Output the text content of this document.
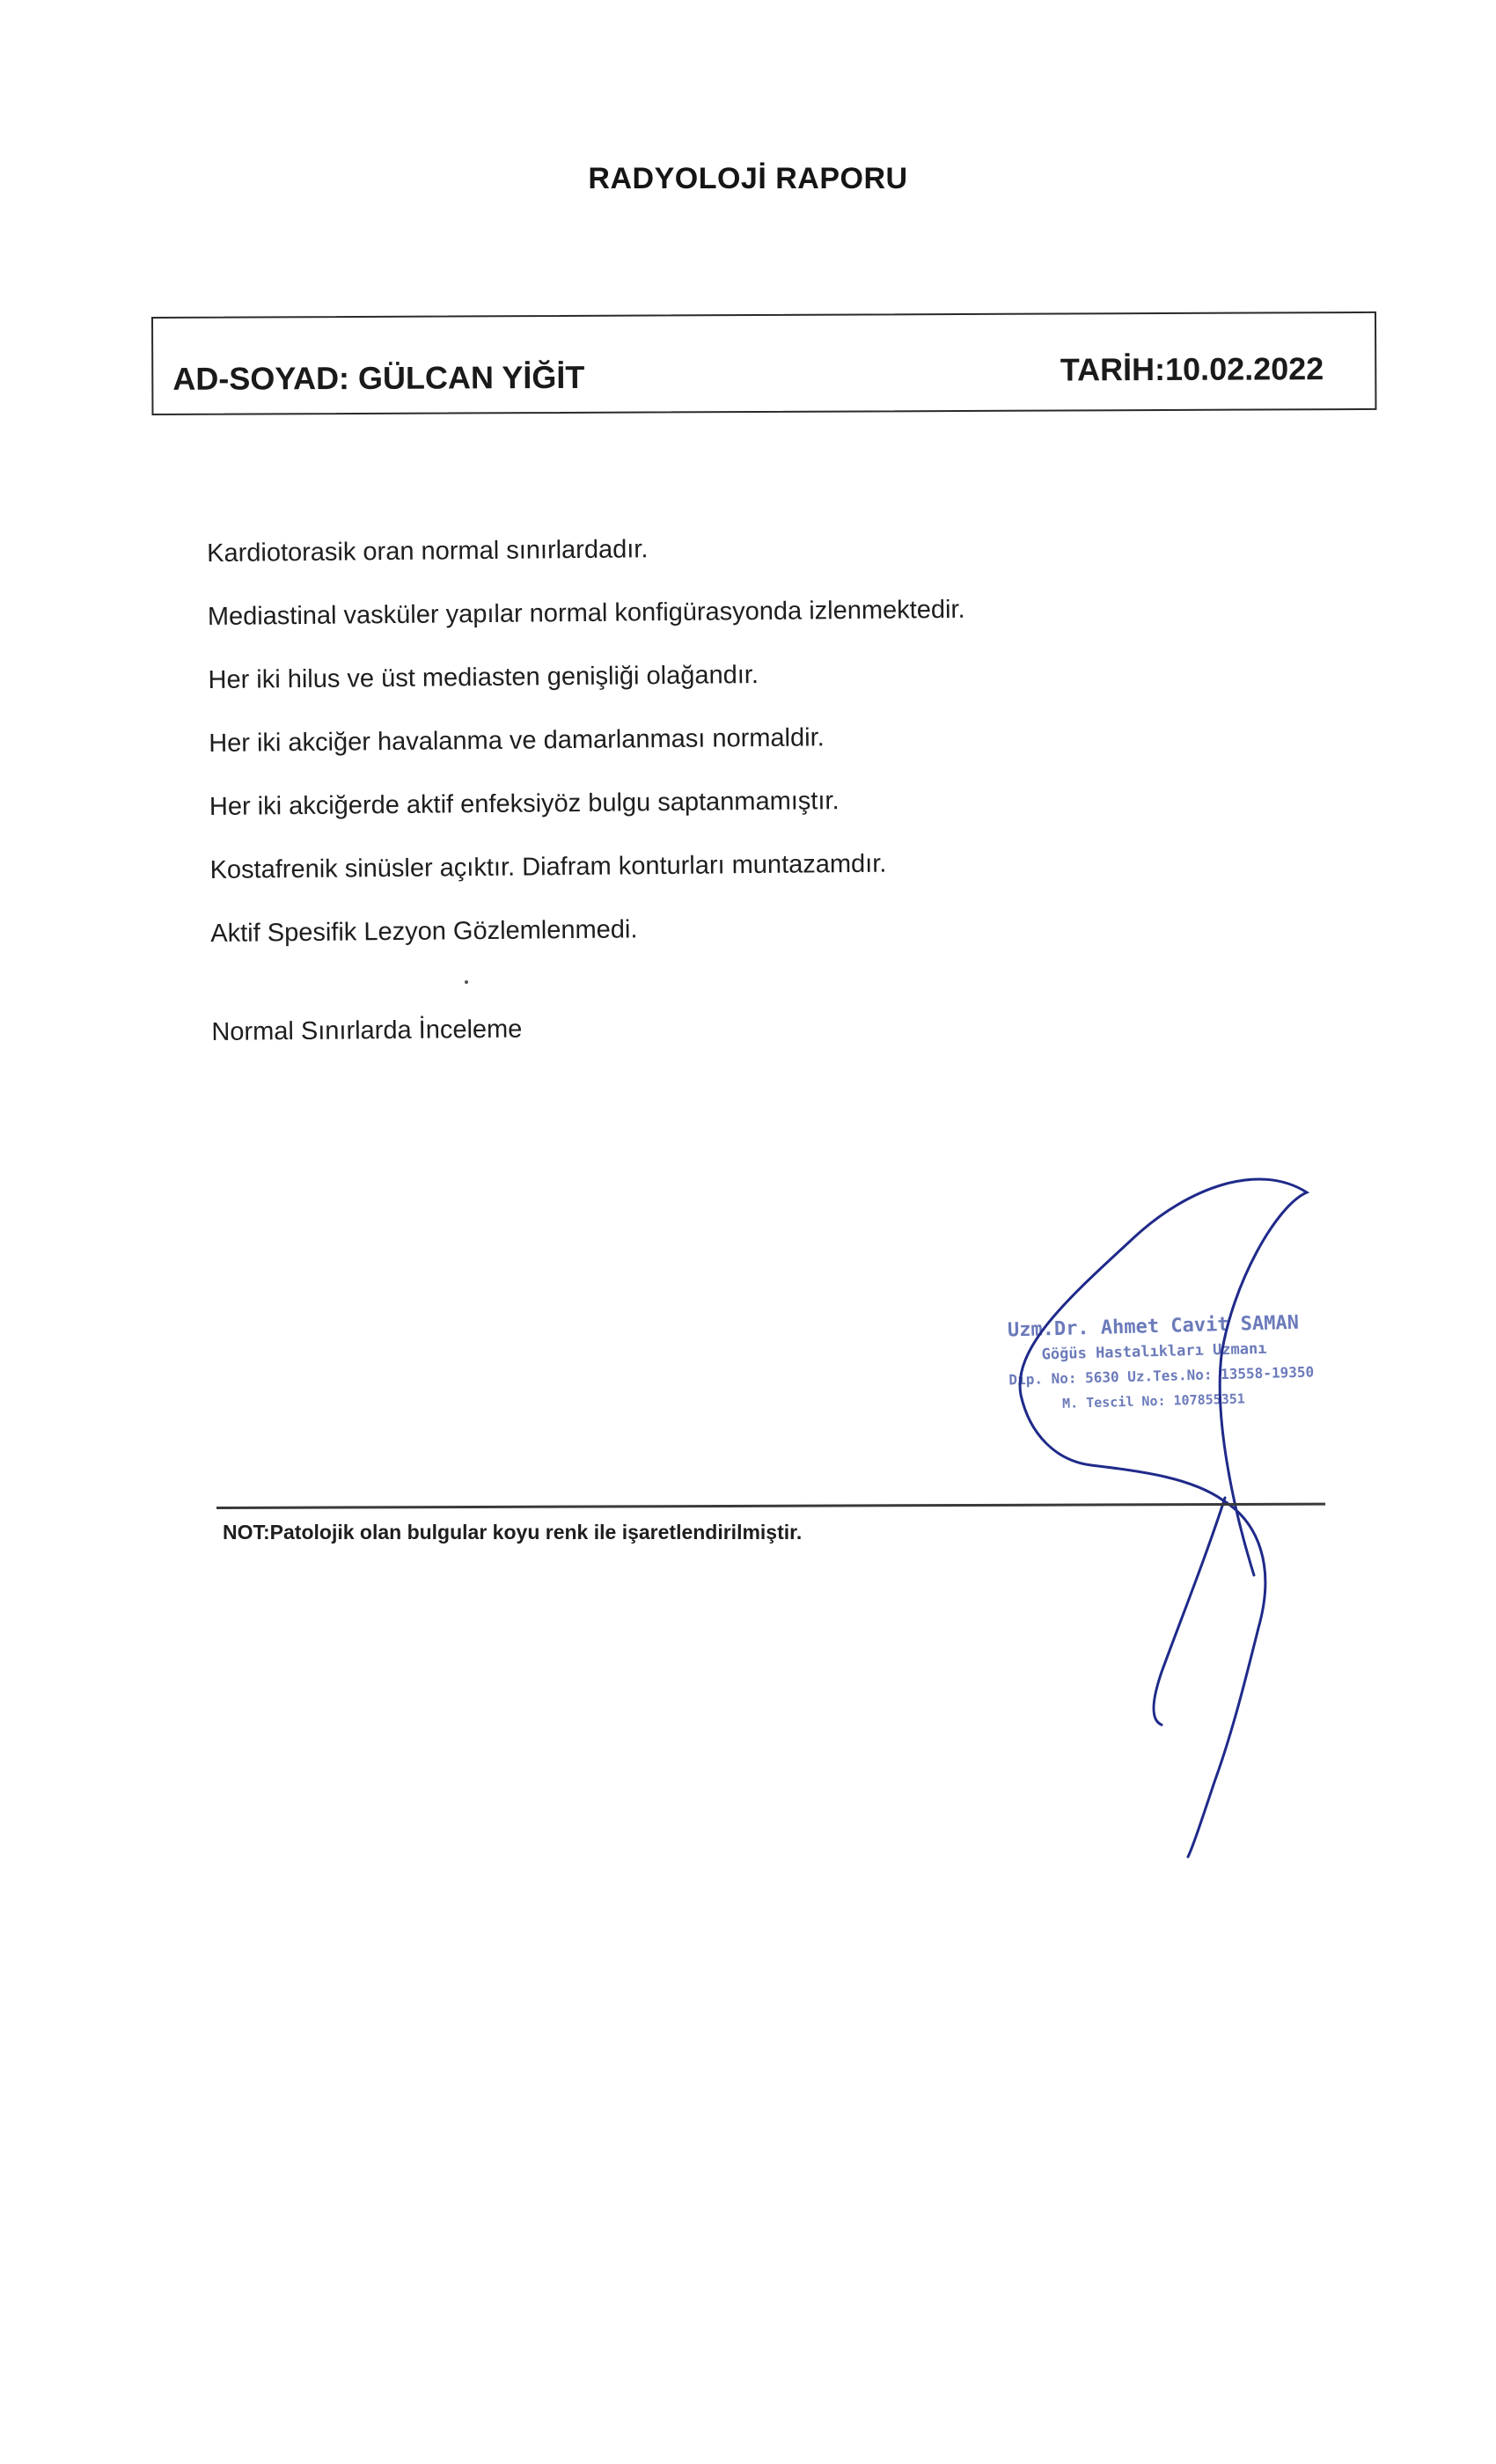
RADYOLOJİ RAPORU
AD-SOYAD: GÜLCAN YİĞİT	TARİH:10.02.2022
Kardiotorasik oran normal sınırlardadır.
Mediastinal vasküler yapılar normal konfigürasyonda izlenmektedir.
Her iki hilus ve üst mediasten genişliği olağandır.
Her iki akciğer havalanma ve damarlanması normaldir.
Her iki akciğerde aktif enfeksiyöz bulgu saptanmamıştır.
Kostafrenik sinüsler açıktır. Diafram konturları muntazamdır.
Aktif Spesifik Lezyon Gözlemlenmedi.
Normal Sınırlarda İnceleme
Uzm.Dr. Ahmet Cavit SAMAN
Göğüs Hastalıkları Uzmanı
Dip. No: 5630 Uz.Tes.No: 13558-19350
M. Tescil No: 107855351
NOT:Patolojik olan bulgular koyu renk ile işaretlendirilmiştir.
